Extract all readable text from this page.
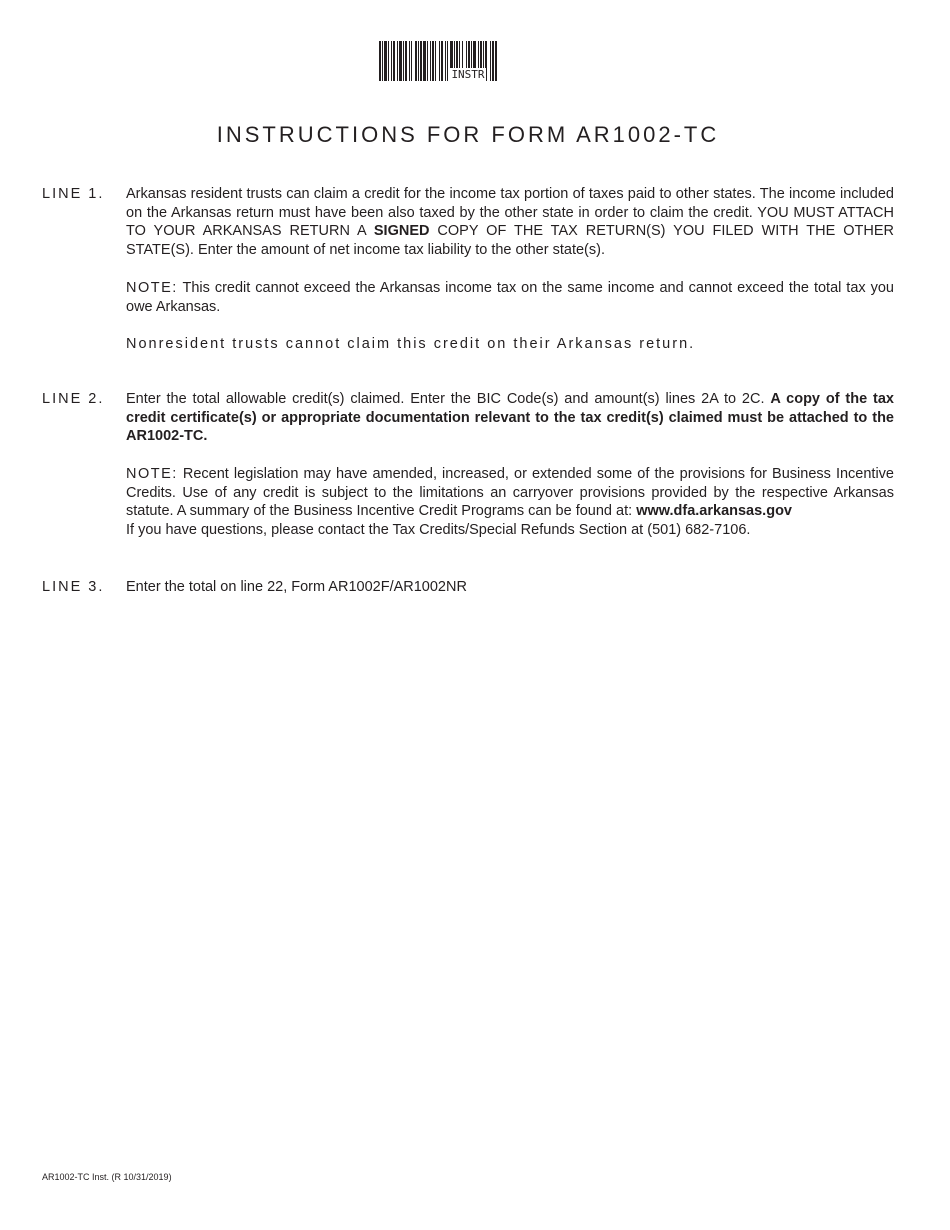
INSTR
INSTRUCTIONS FOR FORM AR1002-TC
LINE 1. Arkansas resident trusts can claim a credit for the income tax portion of taxes paid to other states. The income included on the Arkansas return must have been also taxed by the other state in order to claim the credit. YOU MUST ATTACH TO YOUR ARKANSAS RETURN A SIGNED COPY OF THE TAX RETURN(S) YOU FILED WITH THE OTHER STATE(S). Enter the amount of net income tax liability to the other state(s).

NOTE: This credit cannot exceed the Arkansas income tax on the same income and cannot exceed the total tax you owe Arkansas.

Nonresident trusts cannot claim this credit on their Arkansas return.

LINE 2. Enter the total allowable credit(s) claimed. Enter the BIC Code(s) and amount(s) lines 2A to 2C. A copy of the tax credit certificate(s) or appropriate documentation relevant to the tax credit(s) claimed must be attached to the AR1002-TC.

NOTE: Recent legislation may have amended, increased, or extended some of the provisions for Business Incentive Credits. Use of any credit is subject to the limitations an carryover provisions provided by the respective Arkansas statute. A summary of the Business Incentive Credit Programs can be found at: www.dfa.arkansas.gov
If you have questions, please contact the Tax Credits/Special Refunds Section at (501) 682-7106.

LINE 3. Enter the total on line 22, Form AR1002F/AR1002NR

AR1002-TC Inst. (R 10/31/2019)
